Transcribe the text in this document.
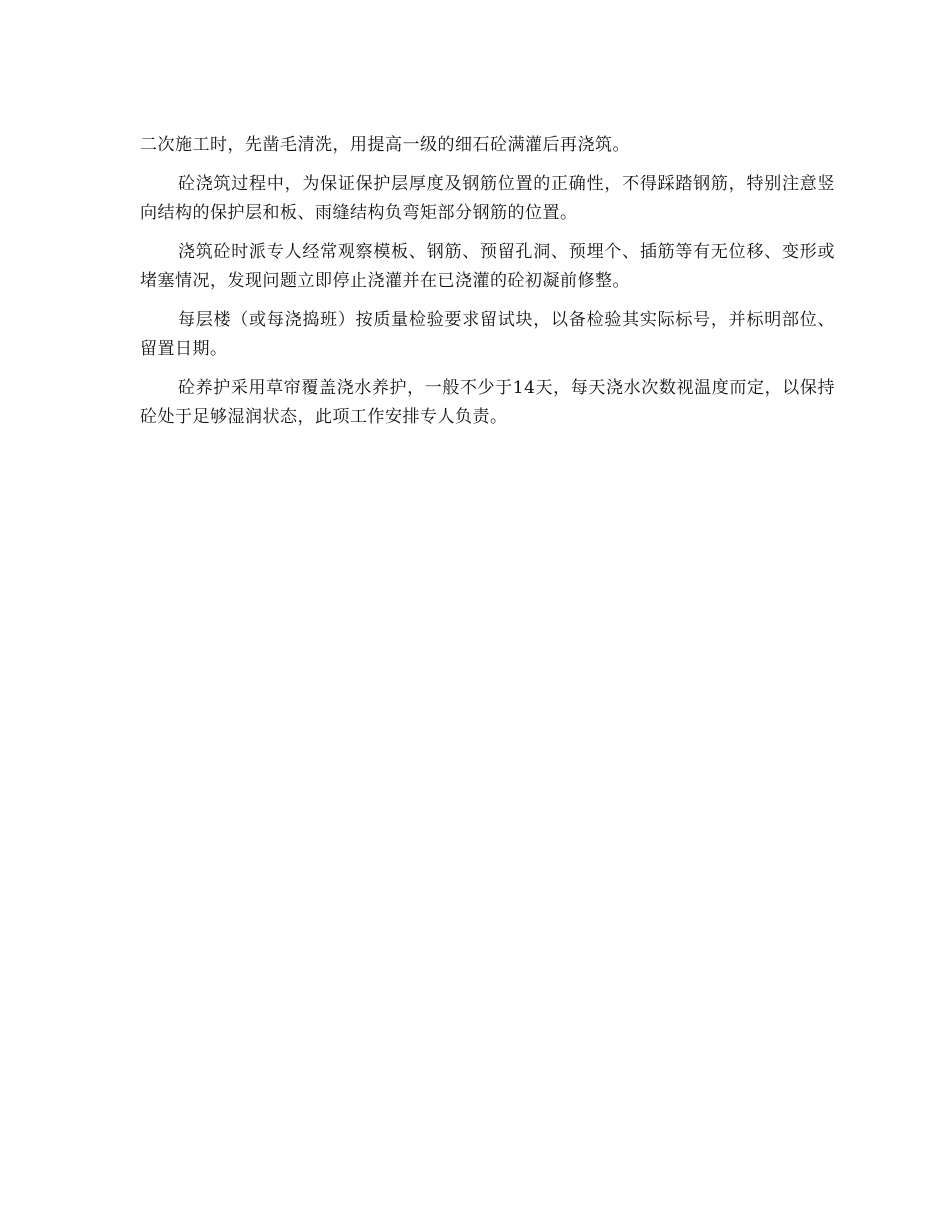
二次施工时，先凿毛清洗，用提高一级的细石砼满灌后再浇筑。

砼浇筑过程中，为保证保护层厚度及钢筋位置的正确性，不得踩踏钢筋，特别注意竖向结构的保护层和板、雨缝结构负弯矩部分钢筋的位置。

浇筑砼时派专人经常观察模板、钢筋、预留孔洞、预埋个、插筋等有无位移、变形或堵塞情况，发现问题立即停止浇灌并在已浇灌的砼初凝前修整。

每层楼（或每浇捣班）按质量检验要求留试块，以备检验其实际标号，并标明部位、留置日期。

砼养护采用草帘覆盖浇水养护，一般不少于14天，每天浇水次数视温度而定，以保持砼处于足够湿润状态，此项工作安排专人负责。
